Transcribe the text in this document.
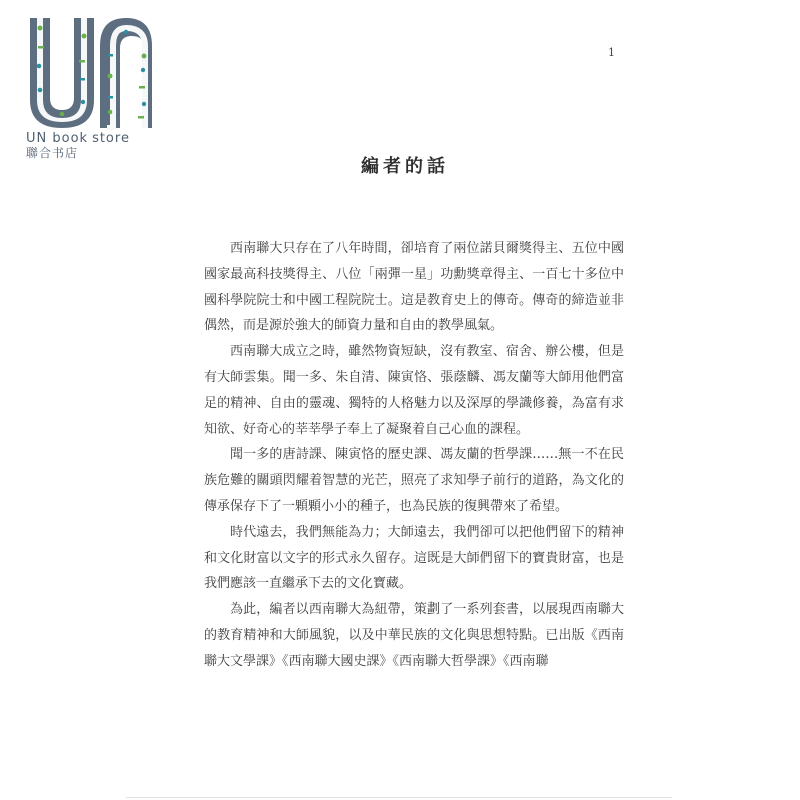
UN book store
聯合书店
1
編者的話

西南聯大只存在了八年時間，卻培育了兩位諾貝爾獎得主、五位中國國家最高科技獎得主、八位「兩彈一星」功勳獎章得主、一百七十多位中國科學院院士和中國工程院院士。這是教育史上的傳奇。傳奇的締造並非偶然，而是源於強大的師資力量和自由的教學風氣。

西南聯大成立之時，雖然物資短缺，沒有教室、宿舍、辦公樓，但是有大師雲集。聞一多、朱自清、陳寅恪、張蔭麟、馮友蘭等大師用他們富足的精神、自由的靈魂、獨特的人格魅力以及深厚的學識修養，為富有求知欲、好奇心的莘莘學子奉上了凝聚着自己心血的課程。

聞一多的唐詩課、陳寅恪的歷史課、馮友蘭的哲學課……無一不在民族危難的關頭閃耀着智慧的光芒，照亮了求知學子前行的道路，為文化的傳承保存下了一顆顆小小的種子，也為民族的復興帶來了希望。

時代遠去，我們無能為力；大師遠去，我們卻可以把他們留下的精神和文化財富以文字的形式永久留存。這既是大師們留下的寶貴財富，也是我們應該一直繼承下去的文化寶藏。

為此，編者以西南聯大為紐帶，策劃了一系列套書，以展現西南聯大的教育精神和大師風貌，以及中華民族的文化與思想特點。已出版《西南聯大文學課》《西南聯大國史課》《西南聯大哲學課》《西南聯
